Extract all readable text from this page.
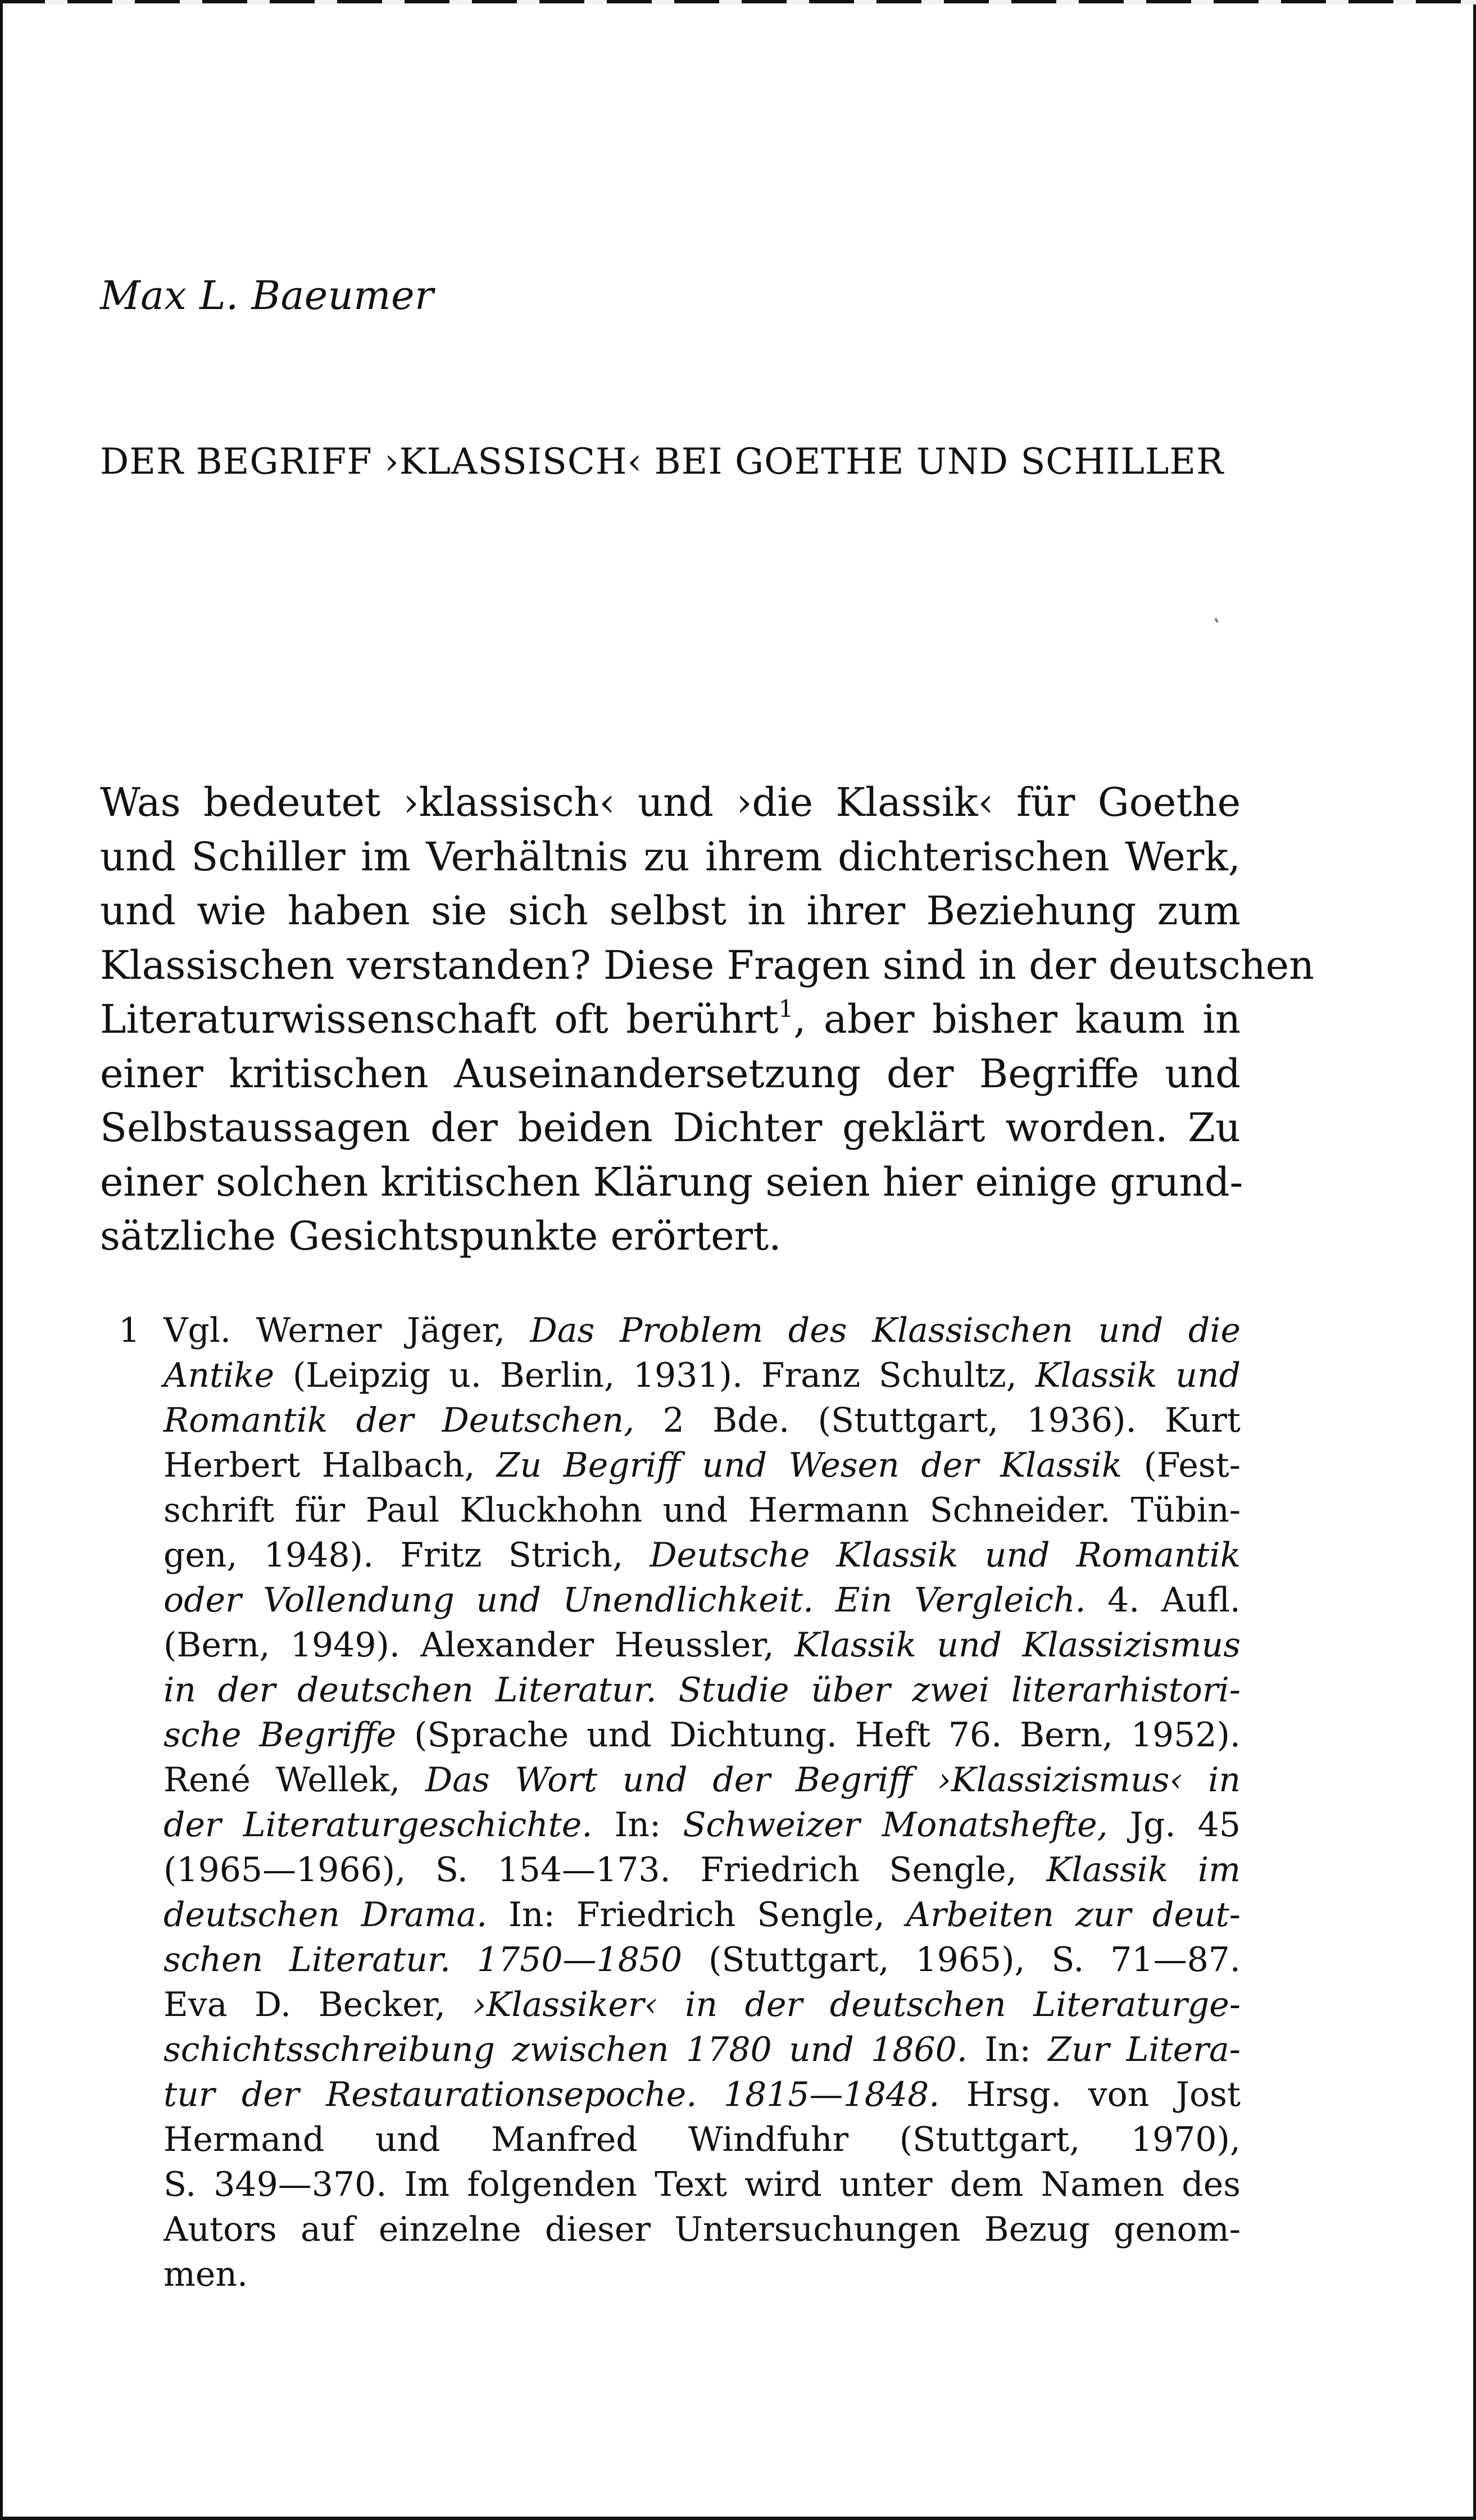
Max L. Baeumer
DER BEGRIFF ›KLASSISCH‹ BEI GOETHE UND SCHILLER
Was bedeutet ›klassisch‹ und ›die Klassik‹ für Goethe
und Schiller im Verhältnis zu ihrem dichterischen Werk,
und wie haben sie sich selbst in ihrer Beziehung zum
Klassischen verstanden? Diese Fragen sind in der deutschen
Literaturwissenschaft oft berührt$^1$, aber bisher kaum in
einer kritischen Auseinandersetzung der Begriffe und
Selbstaussagen der beiden Dichter geklärt worden. Zu
einer solchen kritischen Klärung seien hier einige grund-
sätzliche Gesichtspunkte erörtert.
1 Vgl. Werner Jäger, Das Problem des Klassischen und die
Antike (Leipzig u. Berlin, 1931). Franz Schultz, Klassik und
Romantik der Deutschen, 2 Bde. (Stuttgart, 1936). Kurt
Herbert Halbach, Zu Begriff und Wesen der Klassik (Fest-
schrift für Paul Kluckhohn und Hermann Schneider. Tübin-
gen, 1948). Fritz Strich, Deutsche Klassik und Romantik
oder Vollendung und Unendlichkeit. Ein Vergleich. 4. Aufl.
(Bern, 1949). Alexander Heussler, Klassik und Klassizismus
in der deutschen Literatur. Studie über zwei literarhistori-
sche Begriffe (Sprache und Dichtung. Heft 76. Bern, 1952).
René Wellek, Das Wort und der Begriff ›Klassizismus‹ in
der Literaturgeschichte. In: Schweizer Monatshefte, Jg. 45
(1965—1966), S. 154—173. Friedrich Sengle, Klassik im
deutschen Drama. In: Friedrich Sengle, Arbeiten zur deut-
schen Literatur. 1750—1850 (Stuttgart, 1965), S. 71—87.
Eva D. Becker, ›Klassiker‹ in der deutschen Literaturge-
schichtsschreibung zwischen 1780 und 1860. In: Zur Litera-
tur der Restaurationsepoche. 1815—1848. Hrsg. von Jost
Hermand und Manfred Windfuhr (Stuttgart, 1970),
S. 349—370. Im folgenden Text wird unter dem Namen des
Autors auf einzelne dieser Untersuchungen Bezug genom-
men.
